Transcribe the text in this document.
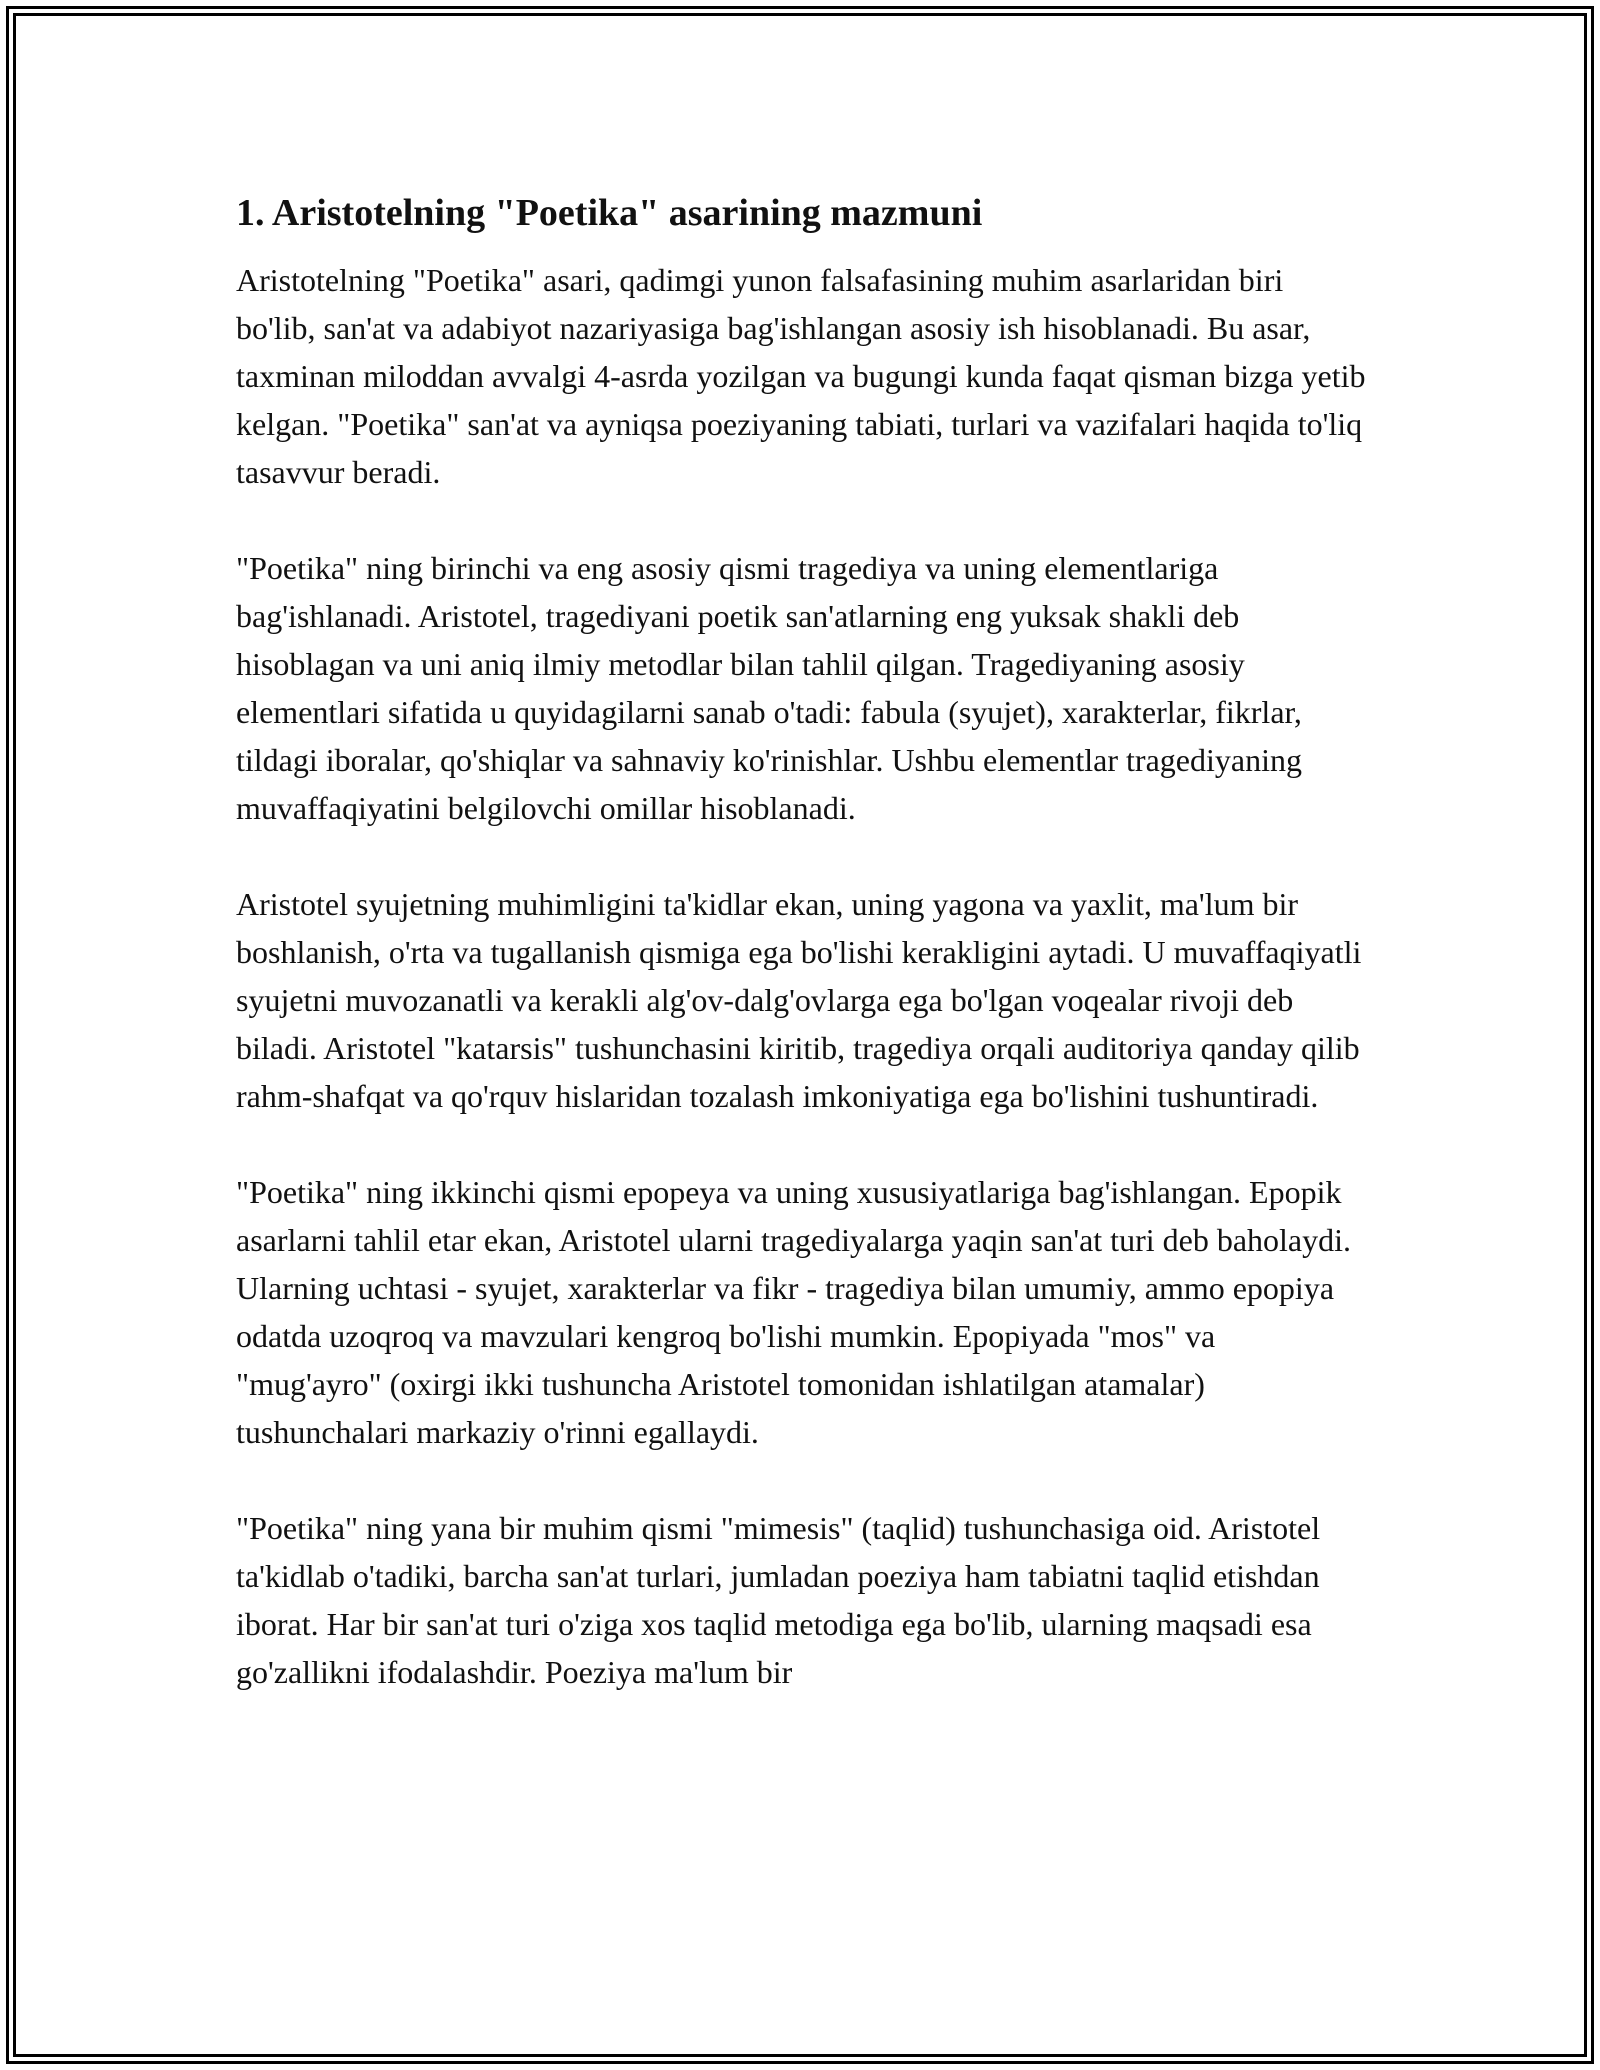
1. Aristotelning "Poetika" asarining mazmuni

Aristotelning "Poetika" asari, qadimgi yunon falsafasining muhim asarlaridan biri bo'lib, san'at va adabiyot nazariyasiga bag'ishlangan asosiy ish hisoblanadi. Bu asar, taxminan miloddan avvalgi 4-asrda yozilgan va bugungi kunda faqat qisman bizga yetib kelgan. "Poetika" san'at va ayniqsa poeziyaning tabiati, turlari va vazifalari haqida to'liq tasavvur beradi.

"Poetika" ning birinchi va eng asosiy qismi tragediya va uning elementlariga bag'ishlanadi. Aristotel, tragediyani poetik san'atlarning eng yuksak shakli deb hisoblagan va uni aniq ilmiy metodlar bilan tahlil qilgan. Tragediyaning asosiy elementlari sifatida u quyidagilarni sanab o'tadi: fabula (syujet), xarakterlar, fikrlar, tildagi iboralar, qo'shiqlar va sahnaviy ko'rinishlar. Ushbu elementlar tragediyaning muvaffaqiyatini belgilovchi omillar hisoblanadi.

Aristotel syujetning muhimligini ta'kidlar ekan, uning yagona va yaxlit, ma'lum bir boshlanish, o'rta va tugallanish qismiga ega bo'lishi kerakligini aytadi. U muvaffaqiyatli syujetni muvozanatli va kerakli alg'ov-dalg'ovlarga ega bo'lgan voqealar rivoji deb biladi. Aristotel "katarsis" tushunchasini kiritib, tragediya orqali auditoriya qanday qilib rahm-shafqat va qo'rquv hislaridan tozalash imkoniyatiga ega bo'lishini tushuntiradi.

"Poetika" ning ikkinchi qismi epopeya va uning xususiyatlariga bag'ishlangan. Epopik asarlarni tahlil etar ekan, Aristotel ularni tragediyalarga yaqin san'at turi deb baholaydi. Ularning uchtasi - syujet, xarakterlar va fikr - tragediya bilan umumiy, ammo epopiya odatda uzoqroq va mavzulari kengroq bo'lishi mumkin. Epopiyada "mos" va "mug'ayro" (oxirgi ikki tushuncha Aristotel tomonidan ishlatilgan atamalar) tushunchalari markaziy o'rinni egallaydi.

"Poetika" ning yana bir muhim qismi "mimesis" (taqlid) tushunchasiga oid. Aristotel ta'kidlab o'tadiki, barcha san'at turlari, jumladan poeziya ham tabiatni taqlid etishdan iborat. Har bir san'at turi o'ziga xos taqlid metodiga ega bo'lib, ularning maqsadi esa go'zallikni ifodalashdir. Poeziya ma'lum bir
